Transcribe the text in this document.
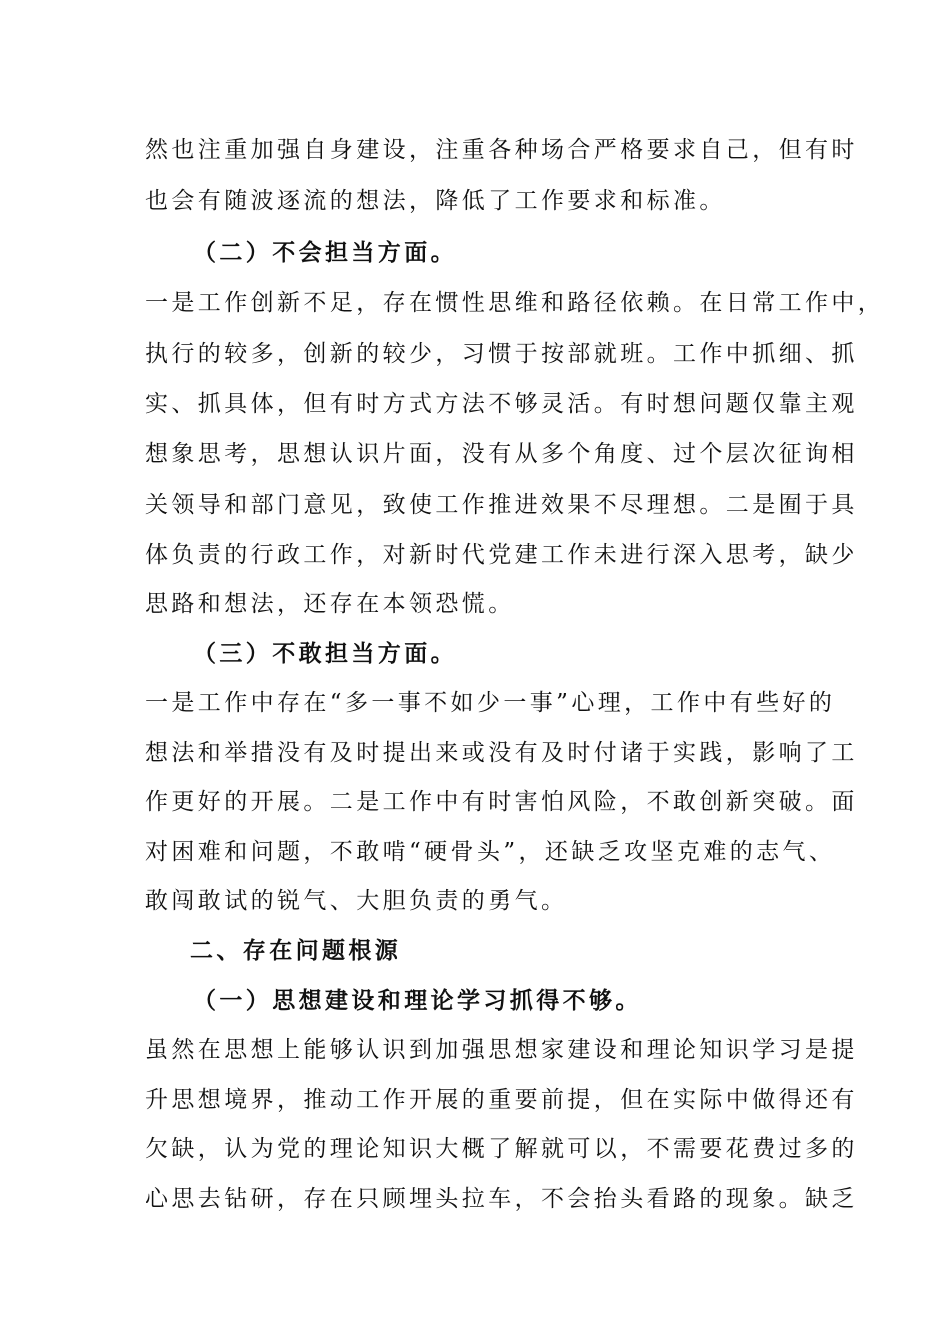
然也注重加强自身建设，注重各种场合严格要求自己，但有时
也会有随波逐流的想法，降低了工作要求和标准。
（二）不会担当方面。
一是工作创新不足，存在惯性思维和路径依赖。在日常工作中，
执行的较多，创新的较少，习惯于按部就班。工作中抓细、抓
实、抓具体，但有时方式方法不够灵活。有时想问题仅靠主观
想象思考，思想认识片面，没有从多个角度、过个层次征询相
关领导和部门意见，致使工作推进效果不尽理想。二是囿于具
体负责的行政工作，对新时代党建工作未进行深入思考，缺少
思路和想法，还存在本领恐慌。
（三）不敢担当方面。
一是工作中存在“多一事不如少一事”心理，工作中有些好的
想法和举措没有及时提出来或没有及时付诸于实践，影响了工
作更好的开展。二是工作中有时害怕风险，不敢创新突破。面
对困难和问题，不敢啃“硬骨头”，还缺乏攻坚克难的志气、
敢闯敢试的锐气、大胆负责的勇气。
二、存在问题根源
（一）思想建设和理论学习抓得不够。
虽然在思想上能够认识到加强思想家建设和理论知识学习是提
升思想境界，推动工作开展的重要前提，但在实际中做得还有
欠缺，认为党的理论知识大概了解就可以，不需要花费过多的
心思去钻研，存在只顾埋头拉车，不会抬头看路的现象。缺乏
